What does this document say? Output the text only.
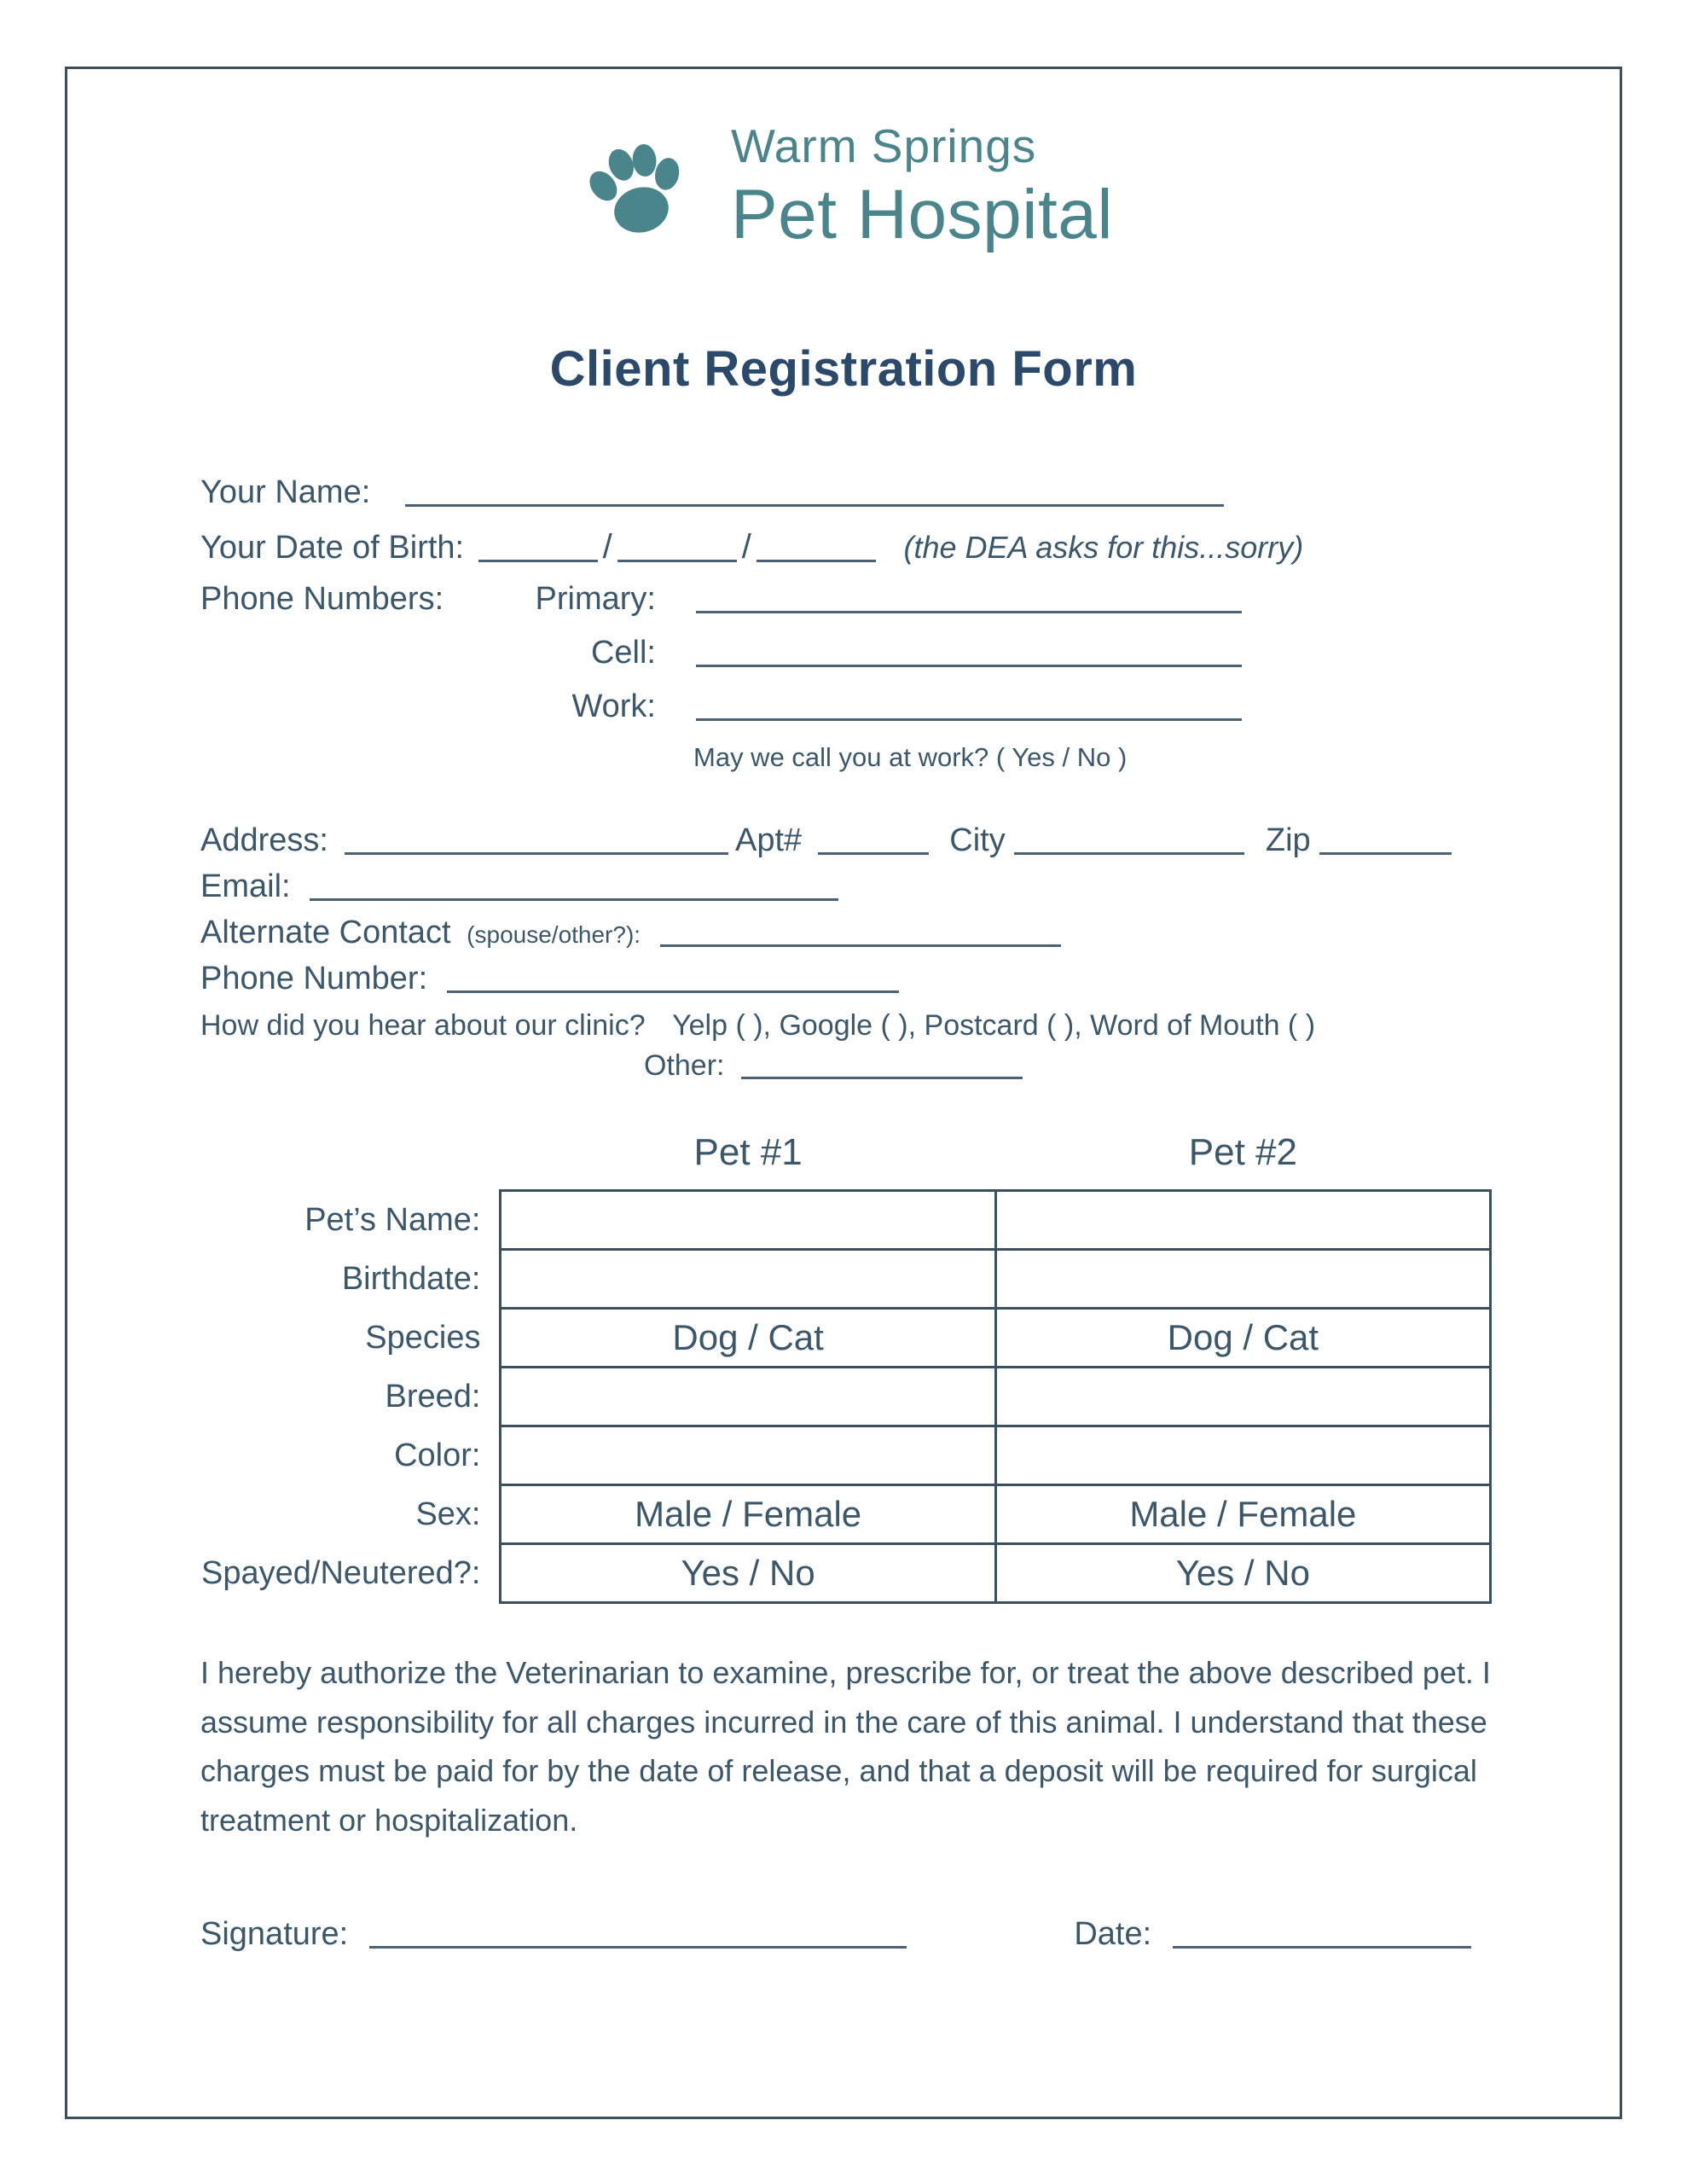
Warm Springs
Pet Hospital
Client Registration Form
Your Name:
Your Date of Birth:	/	/	(the DEA asks for this...sorry)
Phone Numbers:	Primary:

Cell:
Work:
May we call you at work? ( Yes / No )
Address:	Apt#	City	Zip
Email:
Alternate Contact (spouse/other?):
Phone Number:
How did you hear about our clinic? Yelp ( ), Google ( ), Postcard ( ), Word of Mouth ( )
Other:
	Pet #1	Pet #2
Pet’s Name:		
Birthdate:		
Species	Dog / Cat	Dog / Cat
Breed:		
Color:		
Sex:	Male / Female	Male / Female
Spayed/Neutered?:	Yes / No	Yes / No

I hereby authorize the Veterinarian to examine, prescribe for, or treat the above described pet. I assume responsibility for all charges incurred in the care of this animal. I understand that these charges must be paid for by the date of release, and that a deposit will be required for surgical treatment or hospitalization.

Signature:	Date:
